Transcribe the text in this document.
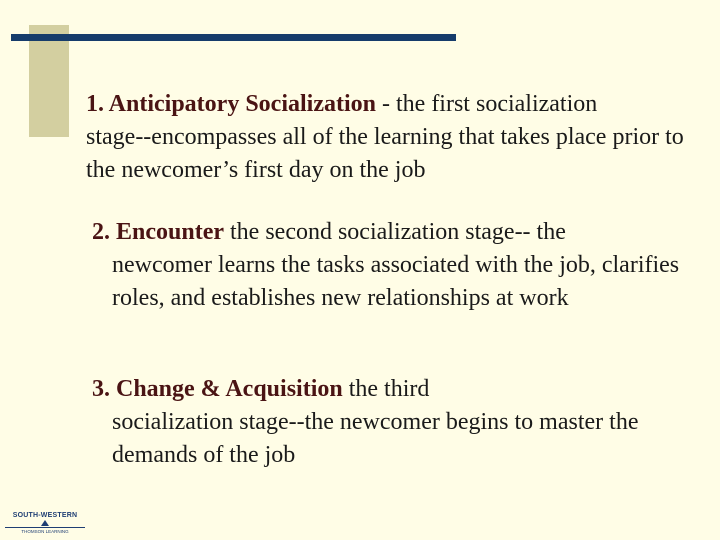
1. Anticipatory Socialization - the first socialization
stage--encompasses all of the learning that takes place prior to the newcomer’s first day on the job

2. Encounter the second socialization stage-- the
newcomer learns the tasks associated with the job, clarifies roles, and establishes new relationships at work

3. Change & Acquisition the third
socialization stage--the newcomer begins to master the demands of the job

SOUTH-WESTERN
THOMSON LEARNING
